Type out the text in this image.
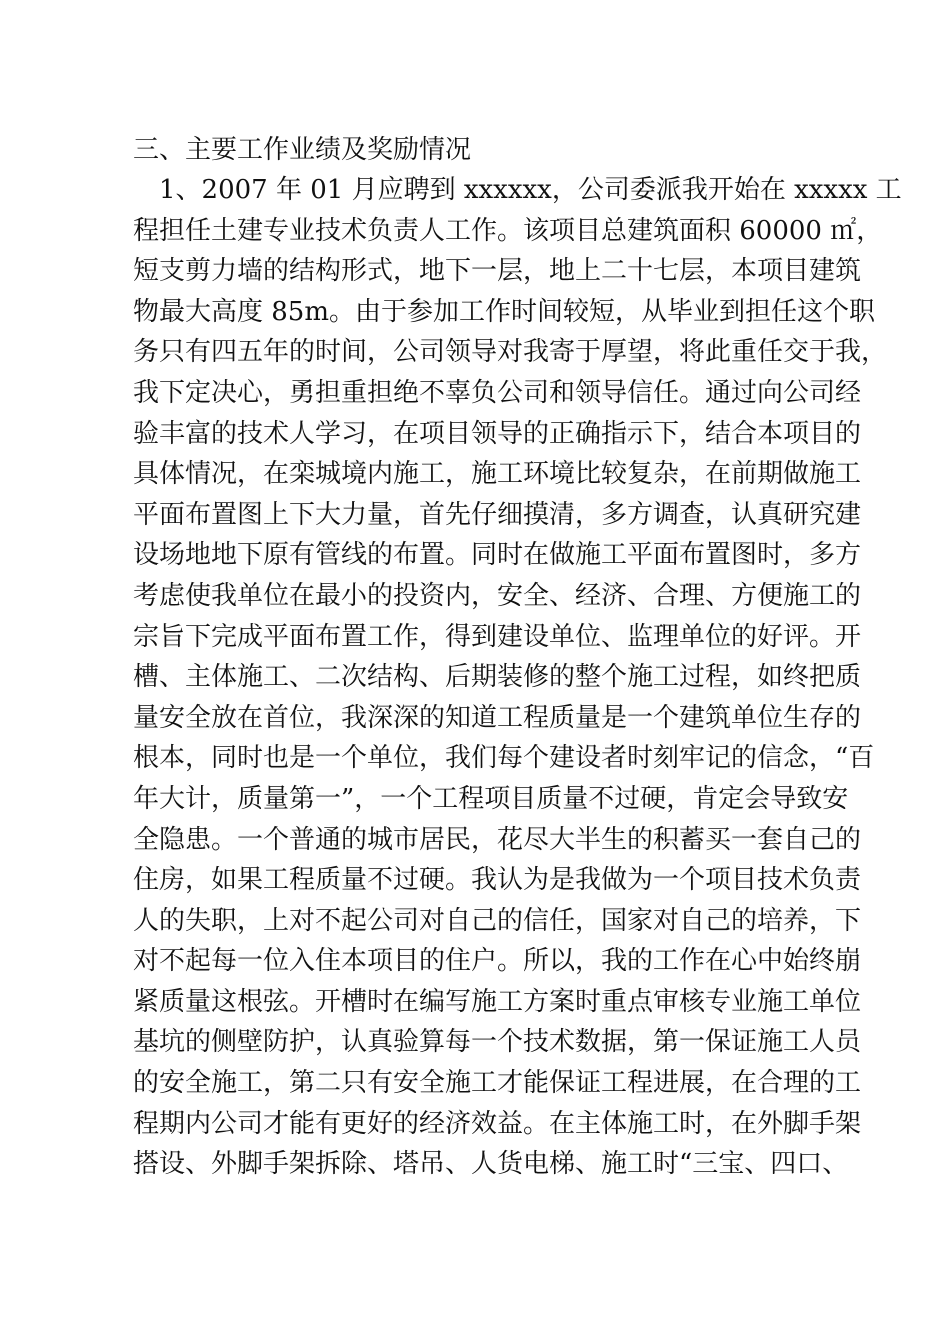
三、主要工作业绩及奖励情况
1、2007 年 01 月应聘到 xxxxxx，公司委派我开始在 xxxxx 工
程担任土建专业技术负责人工作。该项目总建筑面积 60000 ㎡，
短支剪力墙的结构形式，地下一层，地上二十七层，本项目建筑
物最大高度 85m。由于参加工作时间较短，从毕业到担任这个职
务只有四五年的时间，公司领导对我寄于厚望，将此重任交于我，
我下定决心，勇担重担绝不辜负公司和领导信任。通过向公司经
验丰富的技术人学习，在项目领导的正确指示下，结合本项目的
具体情况，在栾城境内施工，施工环境比较复杂，在前期做施工
平面布置图上下大力量，首先仔细摸清，多方调查，认真研究建
设场地地下原有管线的布置。同时在做施工平面布置图时，多方
考虑使我单位在最小的投资内，安全、经济、合理、方便施工的
宗旨下完成平面布置工作，得到建设单位、监理单位的好评。开
槽、主体施工、二次结构、后期装修的整个施工过程，如终把质
量安全放在首位，我深深的知道工程质量是一个建筑单位生存的
根本，同时也是一个单位，我们每个建设者时刻牢记的信念，“百
年大计，质量第一”，一个工程项目质量不过硬，肯定会导致安
全隐患。一个普通的城市居民，花尽大半生的积蓄买一套自己的
住房，如果工程质量不过硬。我认为是我做为一个项目技术负责
人的失职，上对不起公司对自己的信任，国家对自己的培养，下
对不起每一位入住本项目的住户。所以，我的工作在心中始终崩
紧质量这根弦。开槽时在编写施工方案时重点审核专业施工单位
基坑的侧壁防护，认真验算每一个技术数据，第一保证施工人员
的安全施工，第二只有安全施工才能保证工程进展，在合理的工
程期内公司才能有更好的经济效益。在主体施工时，在外脚手架
搭设、外脚手架拆除、塔吊、人货电梯、施工时“三宝、四口、
